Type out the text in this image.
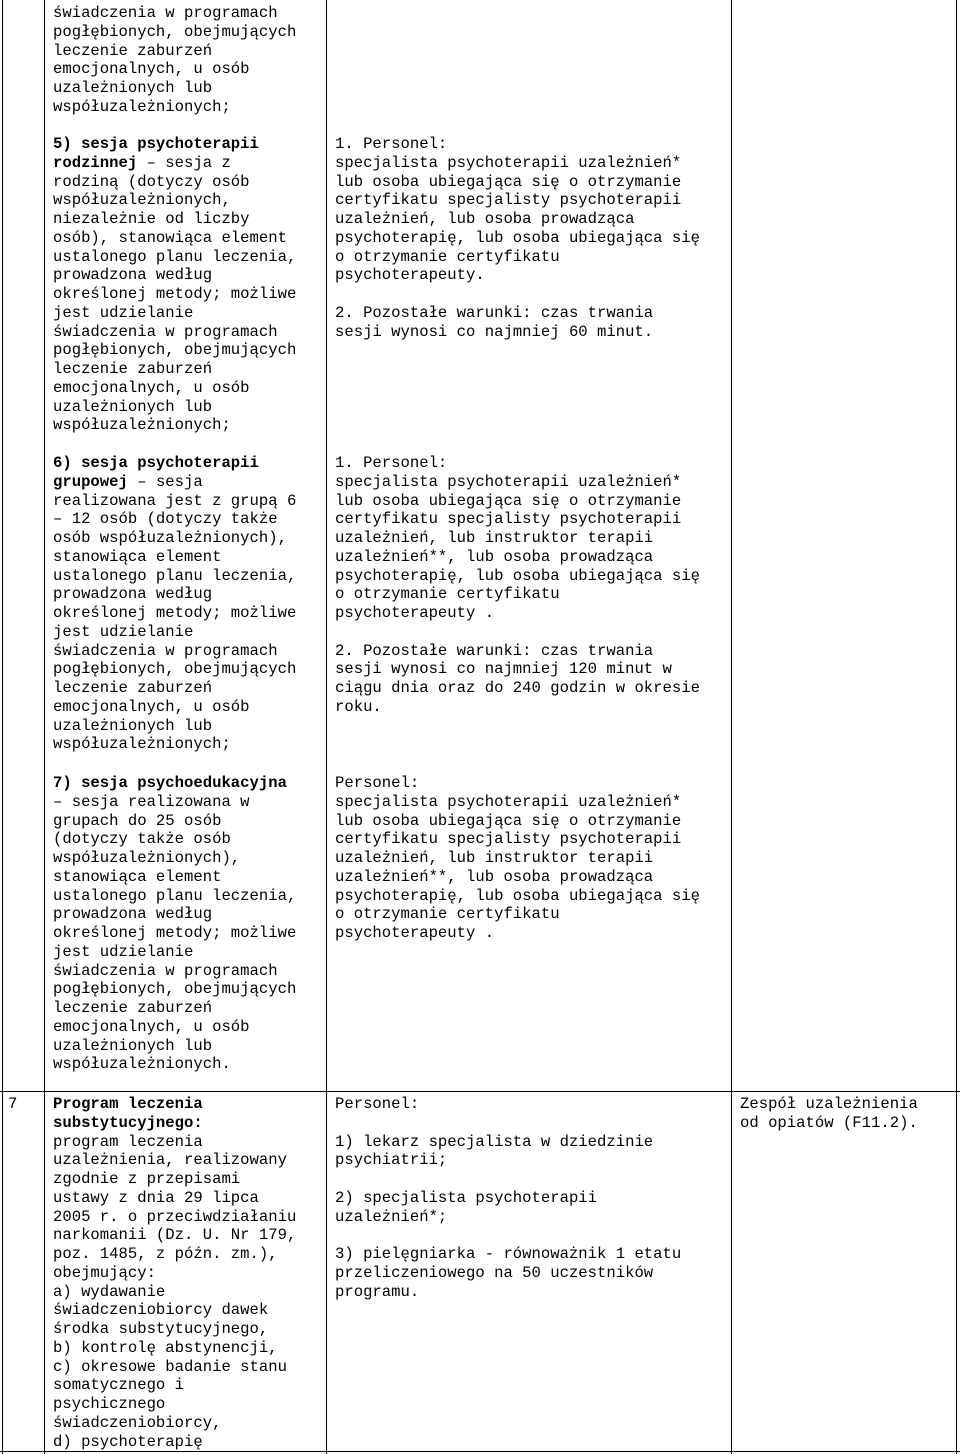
świadczenia w programach
pogłębionych, obejmujących
leczenie zaburzeń
emocjonalnych, u osób
uzależnionych lub
współuzależnionych;
5) sesja psychoterapii
rodzinnej – sesja z
rodziną (dotyczy osób
współuzależnionych,
niezależnie od liczby
osób), stanowiąca element
ustalonego planu leczenia,
prowadzona według
określonej metody; możliwe
jest udzielanie
świadczenia w programach
pogłębionych, obejmujących
leczenie zaburzeń
emocjonalnych, u osób
uzależnionych lub
współuzależnionych;
1. Personel:
specjalista psychoterapii uzależnień*
lub osoba ubiegająca się o otrzymanie
certyfikatu specjalisty psychoterapii
uzależnień, lub osoba prowadząca
psychoterapię, lub osoba ubiegająca się
o otrzymanie certyfikatu
psychoterapeuty.
2. Pozostałe warunki: czas trwania
sesji wynosi co najmniej 60 minut.
6) sesja psychoterapii
grupowej – sesja
realizowana jest z grupą 6
– 12 osób (dotyczy także
osób współuzależnionych),
stanowiąca element
ustalonego planu leczenia,
prowadzona według
określonej metody; możliwe
jest udzielanie
świadczenia w programach
pogłębionych, obejmujących
leczenie zaburzeń
emocjonalnych, u osób
uzależnionych lub
współuzależnionych;
1. Personel:
specjalista psychoterapii uzależnień*
lub osoba ubiegająca się o otrzymanie
certyfikatu specjalisty psychoterapii
uzależnień, lub instruktor terapii
uzależnień**, lub osoba prowadząca
psychoterapię, lub osoba ubiegająca się
o otrzymanie certyfikatu
psychoterapeuty .
2. Pozostałe warunki: czas trwania
sesji wynosi co najmniej 120 minut w
ciągu dnia oraz do 240 godzin w okresie
roku.
7) sesja psychoedukacyjna
– sesja realizowana w
grupach do 25 osób
(dotyczy także osób
współuzależnionych),
stanowiąca element
ustalonego planu leczenia,
prowadzona według
określonej metody; możliwe
jest udzielanie
świadczenia w programach
pogłębionych, obejmujących
leczenie zaburzeń
emocjonalnych, u osób
uzależnionych lub
współuzależnionych.
Personel:
specjalista psychoterapii uzależnień*
lub osoba ubiegająca się o otrzymanie
certyfikatu specjalisty psychoterapii
uzależnień, lub instruktor terapii
uzależnień**, lub osoba prowadząca
psychoterapię, lub osoba ubiegająca się
o otrzymanie certyfikatu
psychoterapeuty .
7 Program leczenia
substytucyjnego:
program leczenia
uzależnienia, realizowany
zgodnie z przepisami
ustawy z dnia 29 lipca
2005 r. o przeciwdziałaniu
narkomanii (Dz. U. Nr 179,
poz. 1485, z późn. zm.),
obejmujący:
a) wydawanie
świadczeniobiorcy dawek
środka substytucyjnego,
b) kontrolę abstynencji,
c) okresowe badanie stanu
somatycznego i
psychicznego
świadczeniobiorcy,
d) psychoterapię
Personel:
1) lekarz specjalista w dziedzinie
psychiatrii;
2) specjalista psychoterapii
uzależnień*;
3) pielęgniarka - równoważnik 1 etatu
przeliczeniowego na 50 uczestników
programu.
Zespół uzależnienia
od opiatów (F11.2).
